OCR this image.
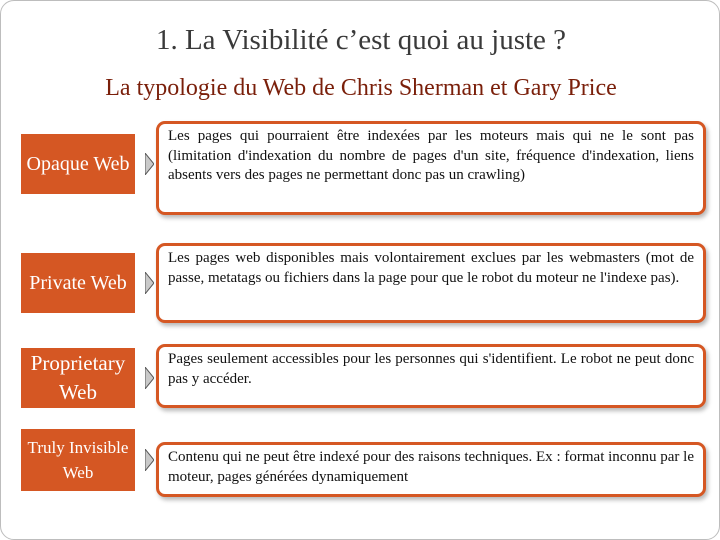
1. La Visibilité c’est quoi au juste ?
La typologie du Web de Chris Sherman et Gary Price
Opaque Web
Les pages qui pourraient être indexées par les moteurs mais qui ne le sont pas (limitation d'indexation du nombre de pages d'un site, fréquence d'indexation, liens absents vers des pages ne permettant donc pas un crawling)
Private Web
Les pages web disponibles mais volontairement exclues par les webmasters (mot de passe, metatags ou fichiers dans la page pour que le robot du moteur ne l'indexe pas).
Proprietary Web
Pages seulement accessibles pour les personnes qui s'identifient. Le robot ne peut donc pas y accéder.
Truly Invisible Web
Contenu qui ne peut être indexé pour des raisons techniques. Ex : format inconnu par le moteur, pages générées dynamiquement
